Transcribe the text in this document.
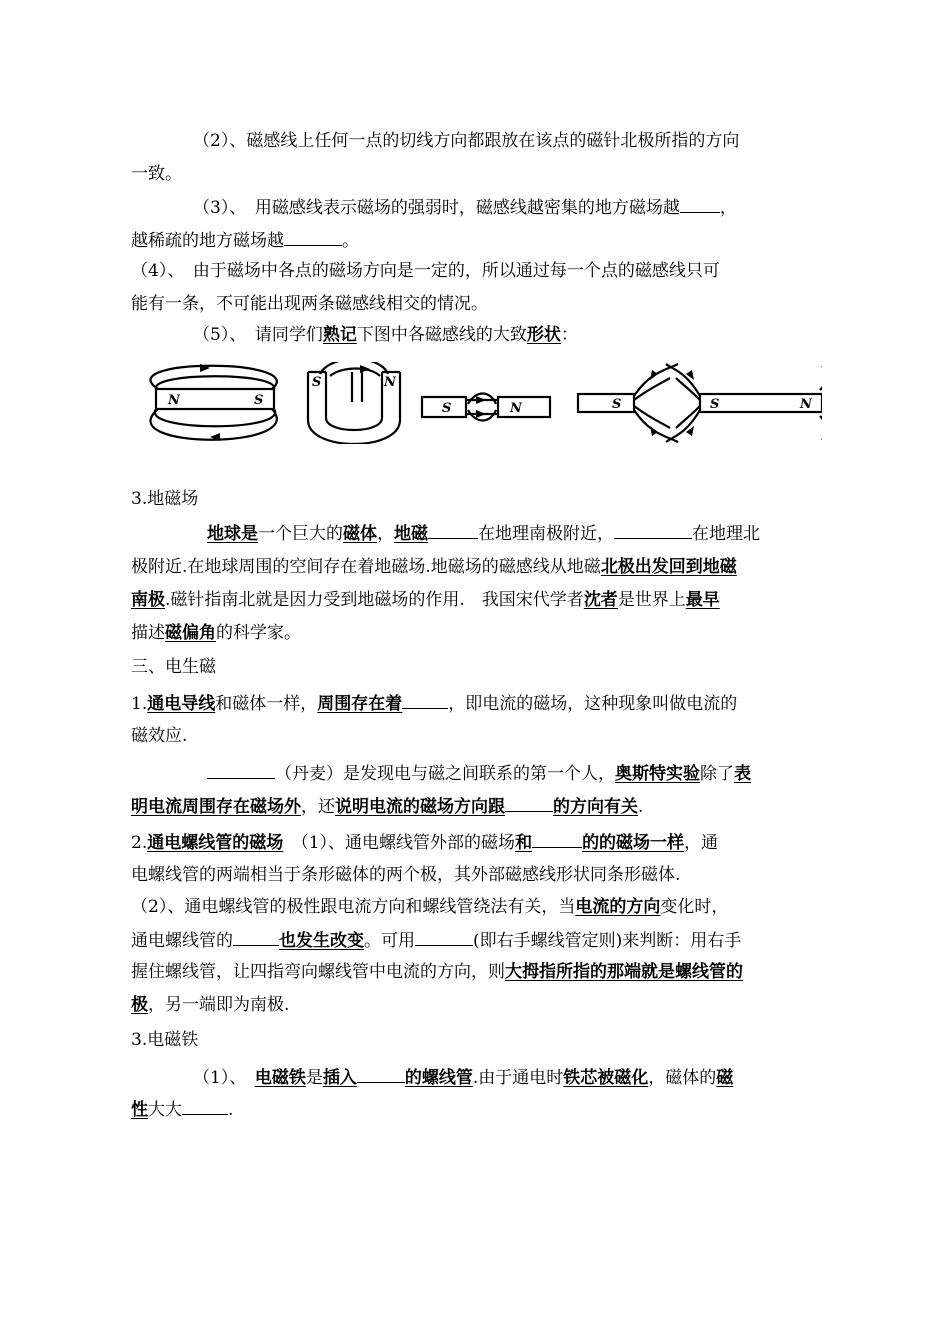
（2）、磁感线上任何一点的切线方向都跟放在该点的磁针北极所指的方向
一致。
（3）、　用磁感线表示磁场的强弱时，磁感线越密集的地方磁场越 ，
越稀疏的地方磁场越	。
（4）、　由于磁场中各点的磁场方向是一定的，所以通过每一个点的磁感线只可
能有一条，不可能出现两条磁感线相交的情况。
（5）、　请同学们熟记下图中各磁感线的大致形状：
N	S
S	N
S	N	S	S	N
3.地磁场
地球是一个巨大的磁体，地磁	在地理南极附近，	在地理北
极附近.在地球周围的空间存在着地磁场.地磁场的磁感线从地磁北极出发回到地磁
南极.磁针指南北就是因力受到地磁场的作用.　我国宋代学者沈者是世界上最早
描述磁偏角的科学家。
三、电生磁
1.通电导线和磁体一样，周围存在着	，即电流的磁场，这种现象叫做电流的
磁效应.
（丹麦）是发现电与磁之间联系的第一个人，奥斯特实验除了表
明电流周围存在磁场外，还说明电流的磁场方向跟	的方向有关.
2.通电螺线管的磁场　（1）、通电螺线管外部的磁场和	的的磁场一样，通
电螺线管的两端相当于条形磁体的两个极，其外部磁感线形状同条形磁体.
（2）、通电螺线管的极性跟电流方向和螺线管绕法有关，当电流的方向变化时，
通电螺线管的	也发生改变。可用	(即右手螺线管定则)来判断：用右手
握住螺线管，让四指弯向螺线管中电流的方向，则大拇指所指的那端就是螺线管的
极，另一端即为南极.
3.电磁铁
（1）、　电磁铁是插入	的螺线管.由于通电时铁芯被磁化，磁体的磁
性大大	.
